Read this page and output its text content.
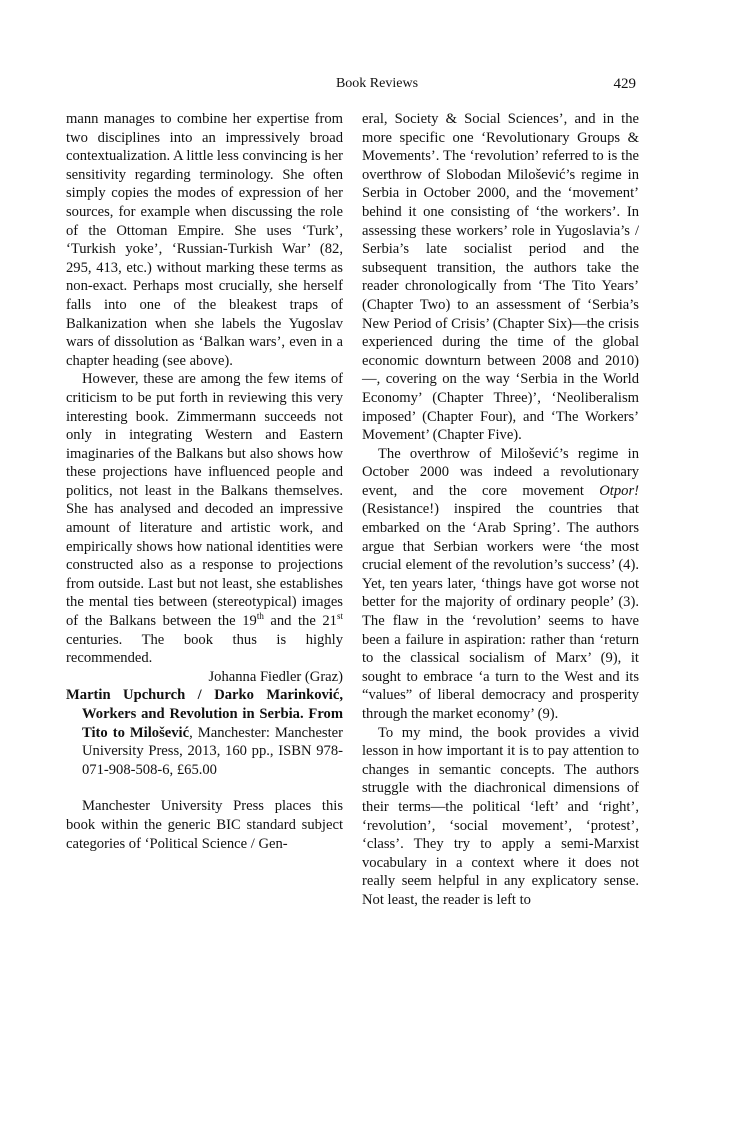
Book Reviews	429

mann manages to combine her expertise from two disciplines into an impressively broad contextualization. A little less convincing is her sensitivity regarding terminology. She often simply copies the modes of expression of her sources, for example when discussing the role of the Ottoman Empire. She uses ‘Turk’, ‘Turkish yoke’, ‘Russian-Turkish War’ (82, 295, 413, etc.) without marking these terms as non-exact. Perhaps most crucially, she herself falls into one of the bleakest traps of Balkanization when she labels the Yugoslav wars of dissolution as ‘Balkan wars’, even in a chapter heading (see above).

However, these are among the few items of criticism to be put forth in reviewing this very interesting book. Zimmermann succeeds not only in integrating Western and Eastern imaginaries of the Balkans but also shows how these projections have influenced people and politics, not least in the Balkans themselves. She has analysed and decoded an impressive amount of literature and artistic work, and empirically shows how national identities were constructed also as a response to projections from outside. Last but not least, she establishes the mental ties between (stereotypical) images of the Balkans between the 19th and the 21st centuries. The book thus is highly recommended.

Johanna Fiedler (Graz)

Martin Upchurch / Darko Marinković, Workers and Revolution in Serbia. From Tito to Milošević, Manchester: Manchester University Press, 2013, 160 pp., ISBN 978-071-908-508-6, £65.00

Manchester University Press places this book within the generic BIC standard subject categories of ‘Political Science / Gen-

eral, Society & Social Sciences’, and in the more specific one ‘Revolutionary Groups & Movements’. The ‘revolution’ referred to is the overthrow of Slobodan Milošević’s regime in Serbia in October 2000, and the ‘movement’ behind it one consisting of ‘the workers’. In assessing these workers’ role in Yugoslavia’s / Serbia’s late socialist period and the subsequent transition, the authors take the reader chronologically from ‘The Tito Years’ (Chapter Two) to an assessment of ‘Serbia’s New Period of Crisis’ (Chapter Six)—the crisis experienced during the time of the global economic downturn between 2008 and 2010)—, covering on the way ‘Serbia in the World Economy’ (Chapter Three)’, ‘Neoliberalism imposed’ (Chapter Four), and ‘The Workers’ Movement’ (Chapter Five).

The overthrow of Milošević’s regime in October 2000 was indeed a revolutionary event, and the core movement Otpor! (Resistance!) inspired the countries that embarked on the ‘Arab Spring’. The authors argue that Serbian workers were ‘the most crucial element of the revolution’s success’ (4). Yet, ten years later, ‘things have got worse not better for the majority of ordinary people’ (3). The flaw in the ‘revolution’ seems to have been a failure in aspiration: rather than ‘return to the classical socialism of Marx’ (9), it sought to embrace ‘a turn to the West and its “values” of liberal democracy and prosperity through the market economy’ (9).

To my mind, the book provides a vivid lesson in how important it is to pay attention to changes in semantic concepts. The authors struggle with the diachronical dimensions of their terms—the political ‘left’ and ‘right’, ‘revolution’, ‘social movement’, ‘protest’, ‘class’. They try to apply a semi-Marxist vocabulary in a context where it does not really seem helpful in any explicatory sense. Not least, the reader is left to
